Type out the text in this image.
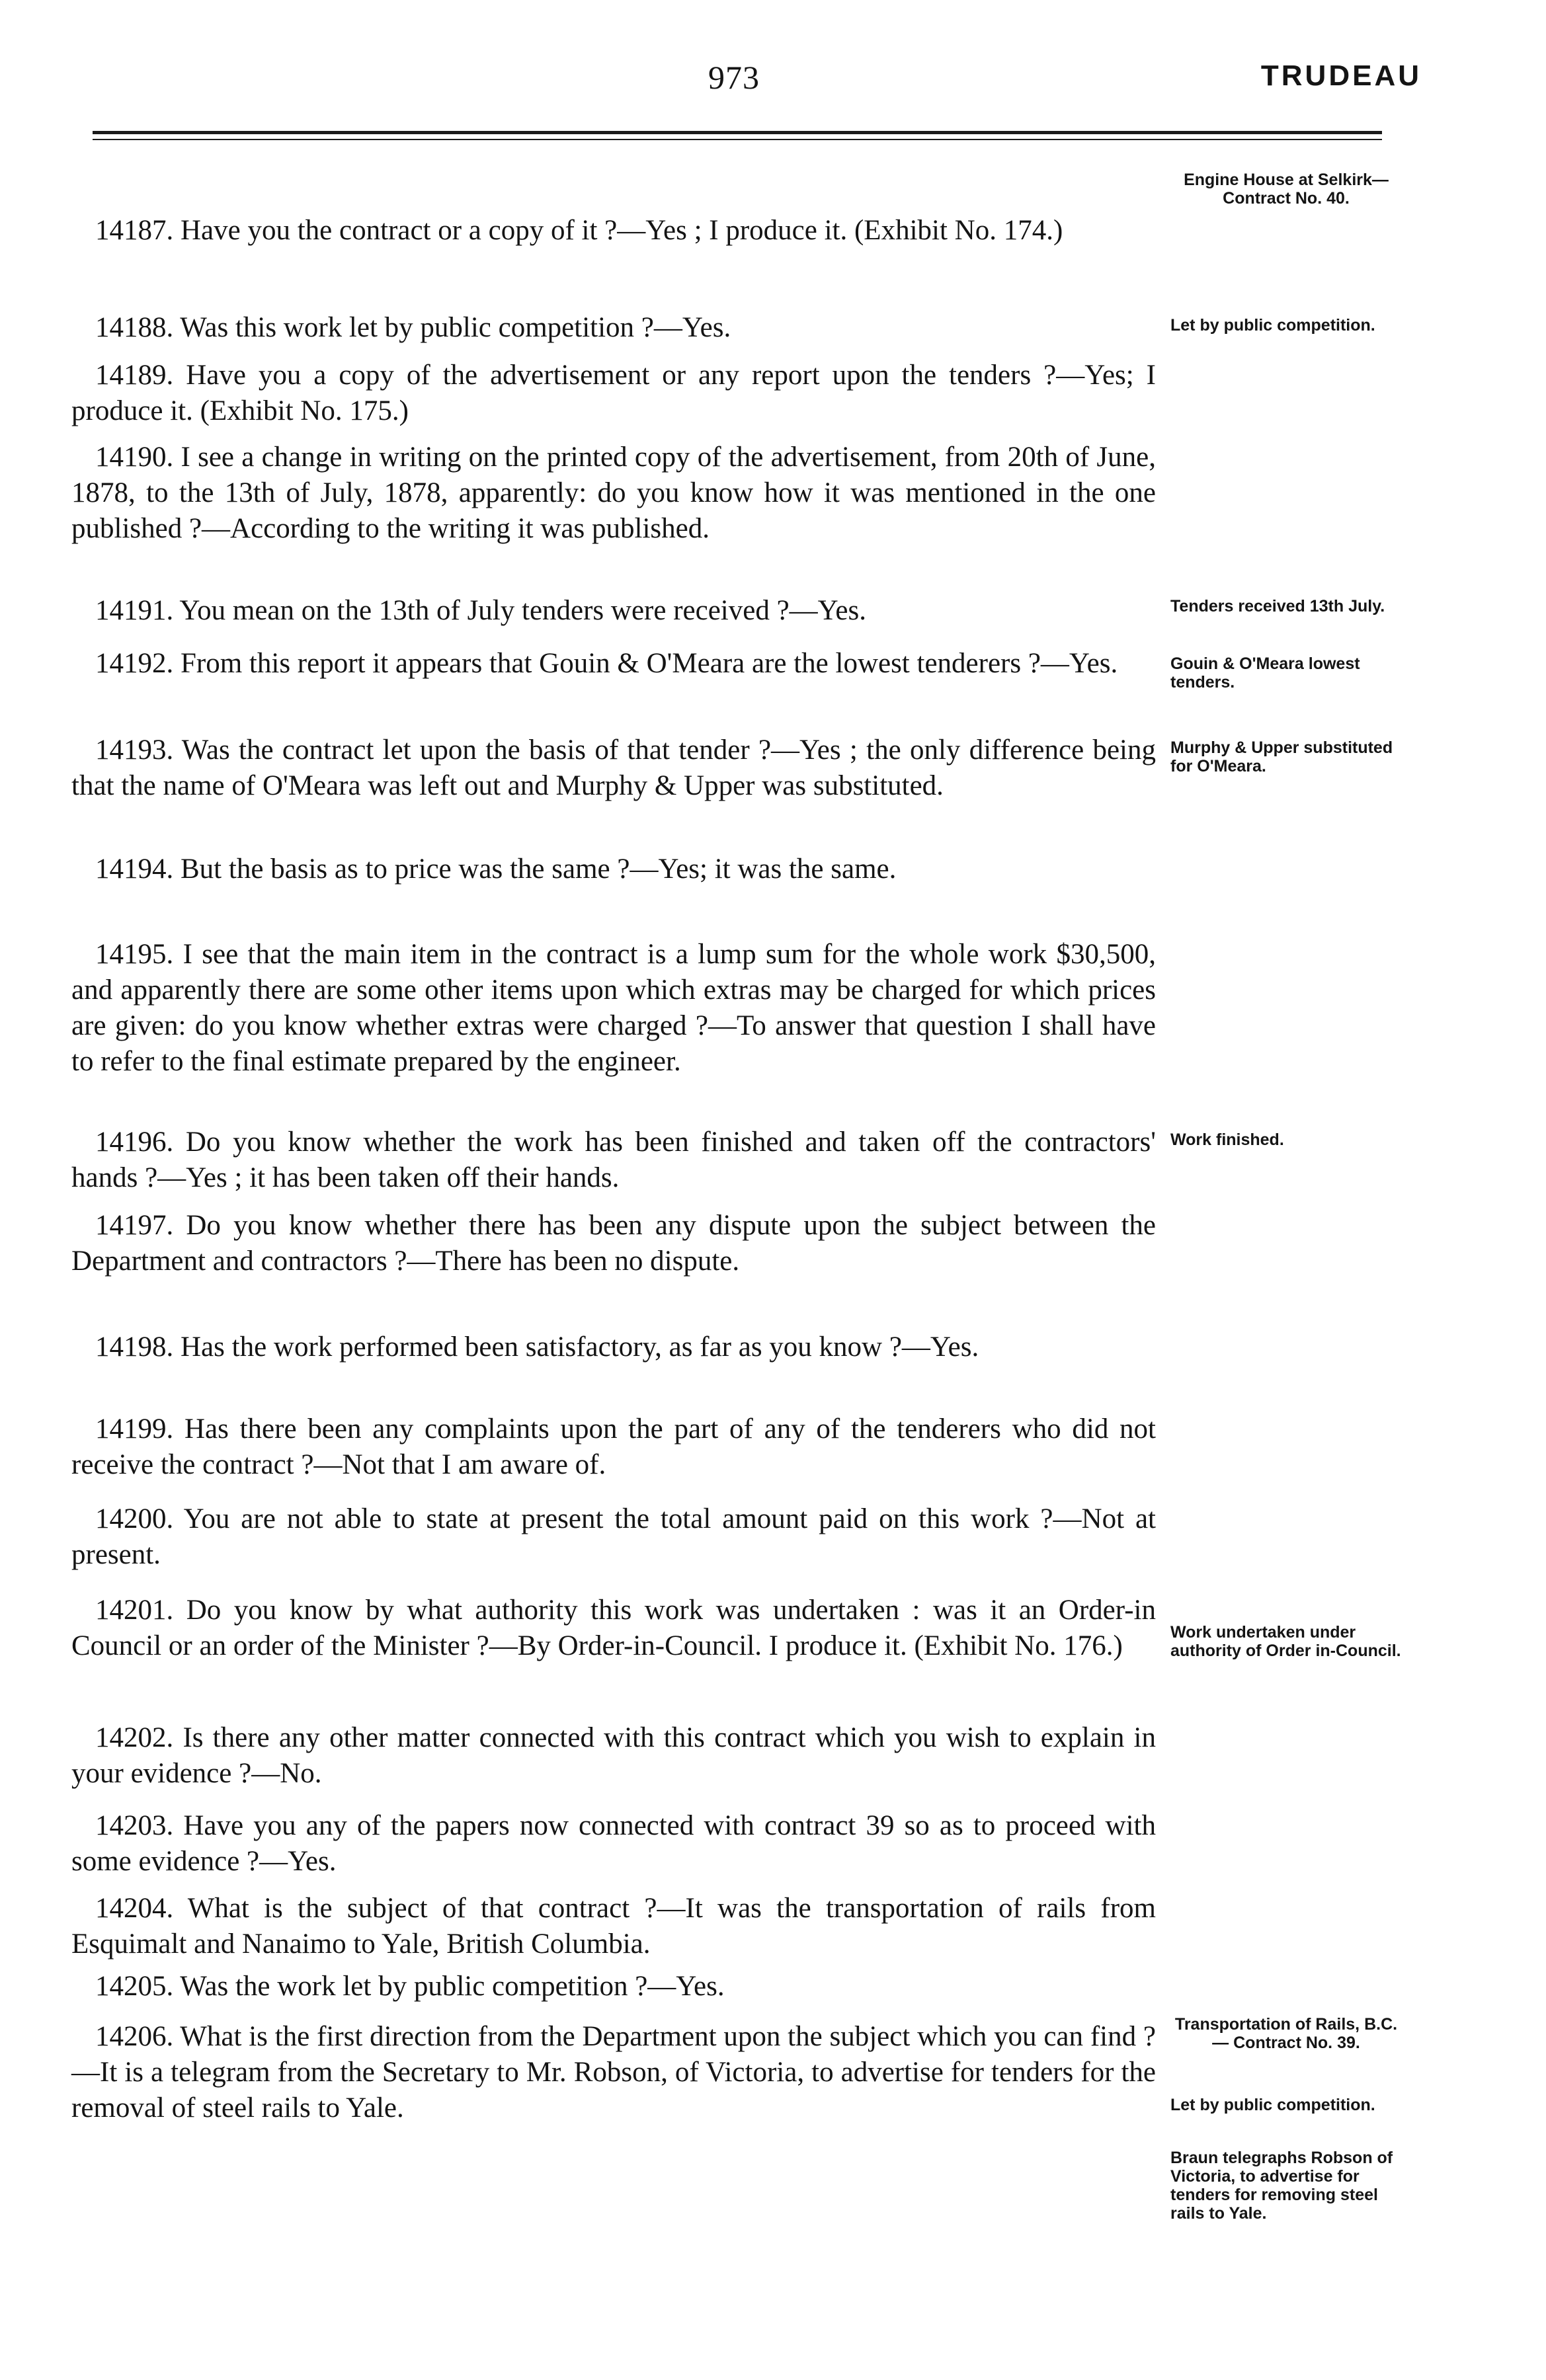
973	TRUDEAU
Engine House at Selkirk— Contract No. 40.
Let by public competition.
Tenders received 13th July.
Gouin & O'Meara lowest tenders.
Murphy & Upper substituted for O'Meara.
Work finished.
Work undertaken under authority of Order in-Council.
Transportation of Rails, B.C.— Contract No. 39.
Let by public competition.
Braun telegraphs Robson of Victoria, to advertise for tenders for removing steel rails to Yale.

14187. Have you the contract or a copy of it ?—Yes ; I produce it. (Exhibit No. 174.)

14188. Was this work let by public competition ?—Yes.

14189. Have you a copy of the advertisement or any report upon the tenders ?—Yes; I produce it. (Exhibit No. 175.)

14190. I see a change in writing on the printed copy of the advertisement, from 20th of June, 1878, to the 13th of July, 1878, apparently: do you know how it was mentioned in the one published ?—According to the writing it was published.

14191. You mean on the 13th of July tenders were received ?—Yes.

14192. From this report it appears that Gouin & O'Meara are the lowest tenderers ?—Yes.

14193. Was the contract let upon the basis of that tender ?—Yes ; the only difference being that the name of O'Meara was left out and Murphy & Upper was substituted.

14194. But the basis as to price was the same ?—Yes; it was the same.

14195. I see that the main item in the contract is a lump sum for the whole work $30,500, and apparently there are some other items upon which extras may be charged for which prices are given: do you know whether extras were charged ?—To answer that question I shall have to refer to the final estimate prepared by the engineer.

14196. Do you know whether the work has been finished and taken off the contractors' hands ?—Yes ; it has been taken off their hands.

14197. Do you know whether there has been any dispute upon the subject between the Department and contractors ?—There has been no dispute.

14198. Has the work performed been satisfactory, as far as you know ?—Yes.

14199. Has there been any complaints upon the part of any of the tenderers who did not receive the contract ?—Not that I am aware of.

14200. You are not able to state at present the total amount paid on this work ?—Not at present.

14201. Do you know by what authority this work was undertaken : was it an Order-in Council or an order of the Minister ?—By Order-in-Council. I produce it. (Exhibit No. 176.)

14202. Is there any other matter connected with this contract which you wish to explain in your evidence ?—No.

14203. Have you any of the papers now connected with contract 39 so as to proceed with some evidence ?—Yes.

14204. What is the subject of that contract ?—It was the transportation of rails from Esquimalt and Nanaimo to Yale, British Columbia.

14205. Was the work let by public competition ?—Yes.

14206. What is the first direction from the Department upon the subject which you can find ?—It is a telegram from the Secretary to Mr. Robson, of Victoria, to advertise for tenders for the removal of steel rails to Yale.
